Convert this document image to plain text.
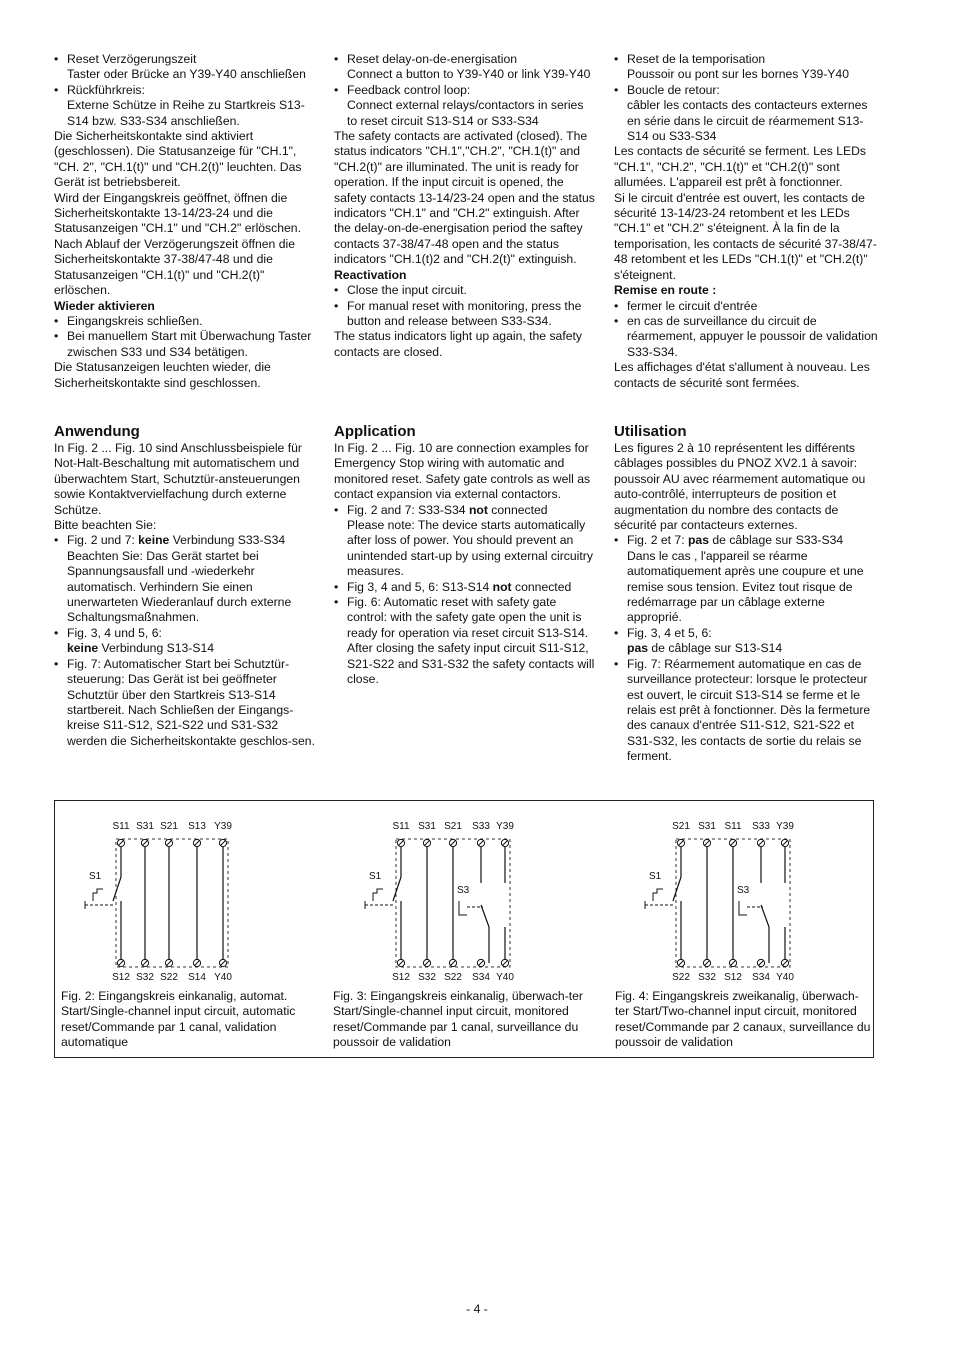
• Reset Verzögerungszeit
Taster oder Brücke an Y39-Y40 anschließen

• Rückführkreis:
Externe Schütze in Reihe zu Startkreis S13-S14 bzw. S33-S34 anschließen.

Die Sicherheitskontakte sind aktiviert (geschlossen). Die Statusanzeige für "CH.1", "CH. 2", "CH.1(t)" und "CH.2(t)" leuchten. Das Gerät ist betriebsbereit.

Wird der Eingangskreis geöffnet, öffnen die Sicherheitskontakte 13-14/23-24 und die Statusanzeigen "CH.1" und "CH.2" erlöschen. Nach Ablauf der Verzögerungszeit öffnen die Sicherheitskontakte 37-38/47-48 und die Statusanzeigen "CH.1(t)" und "CH.2(t)" erlöschen.

Wieder aktivieren

• Eingangskreis schließen.

• Bei manuellem Start mit Überwachung Taster zwischen S33 und S34 betätigen.

Die Statusanzeigen leuchten wieder, die Sicherheitskontakte sind geschlossen.

• Reset delay-on-de-energisation
Connect a button to Y39-Y40 or link Y39-Y40

• Feedback control loop:
Connect external relays/contactors in series to reset circuit S13-S14 or S33-S34

The safety contacts are activated (closed). The status indicators "CH.1","CH.2", "CH.1(t)" and "CH.2(t)" are illuminated. The unit is ready for operation. If the input circuit is opened, the safety contacts 13-14/23-24 open and the status indicators "CH.1" and "CH.2" extinguish. After the delay-on-de-energisation period the saftey contacts 37-38/47-48 open and the status indicators "CH.1(t)2 and "CH.2(t)" extinguish.

Reactivation

• Close the input circuit.

• For manual reset with monitoring, press the button and release between S33-S34.

The status indicators light up again, the safety contacts are closed.

• Reset de la temporisation
Poussoir ou pont sur les bornes Y39-Y40

• Boucle de retour:
câbler les contacts des contacteurs externes en série dans le circuit de réarmement S13-S14 ou S33-S34

Les contacts de sécurité se ferment. Les LEDs "CH.1", "CH.2", "CH.1(t)" et "CH.2(t)" sont allumées. L'appareil est prêt à fonctionner.

Si le circuit d'entrée est ouvert, les contacts de sécurité 13-14/23-24 retombent et les LEDs "CH.1" et "CH.2" s'éteignent. À la fin de la temporisation, les contacts de sécurité 37-38/47-48 retombent et les LEDs "CH.1(t)" et "CH.2(t)" s'éteignent.

Remise en route :

• fermer le circuit d'entrée

• en cas de surveillance du circuit de réarmement, appuyer le poussoir de validation S33-S34.

Les affichages d'état s'allument à nouveau. Les contacts de sécurité sont fermées.

Anwendung

In Fig. 2 ... Fig. 10 sind Anschlussbeispiele für Not-Halt-Beschaltung mit automatischem und überwachtem Start, Schutztür-ansteuerungen sowie Kontaktvervielfachung durch externe Schütze.

Bitte beachten Sie:

• Fig. 2 und 7: keine Verbindung S33-S34
Beachten Sie: Das Gerät startet bei Spannungsausfall und -wiederkehr automatisch. Verhindern Sie einen unerwarteten Wiederanlauf durch externe Schaltungsmaßnahmen.

• Fig. 3, 4 und 5, 6:
keine Verbindung S13-S14

• Fig. 7: Automatischer Start bei Schutztür-steuerung: Das Gerät ist bei geöffneter Schutztür über den Startkreis S13-S14 startbereit. Nach Schließen der Eingangs-kreise S11-S12, S21-S22 und S31-S32 werden die Sicherheitskontakte geschlos-sen.

Application

In Fig. 2 ... Fig. 10 are connection examples for Emergency Stop wiring with automatic and monitored reset. Safety gate controls as well as contact expansion via external contactors.

• Fig. 2 and 7: S33-S34 not connected
Please note: The device starts automatically after loss of power. You should prevent an unintended start-up by using external circuitry measures.

• Fig 3, 4 and 5, 6: S13-S14 not connected

• Fig. 6: Automatic reset with safety gate control: with the safety gate open the unit is ready for operation via reset circuit S13-S14. After closing the safety input circuit S11-S12, S21-S22 and S31-S32 the safety contacts will close.

Utilisation

Les figures 2 à 10 représentent les différents câblages possibles du PNOZ XV2.1 à savoir: poussoir AU avec réarmement automatique ou auto-contrôlé, interrupteurs de position et augmentation du nombre des contacts de sécurité par contacteurs externes.

• Fig. 2 et 7: pas de câblage sur S33-S34
Dans le cas , l'appareil se réarme automatiquement après une coupure et une remise sous tension. Evitez tout risque de redémarrage par un câblage externe approprié.

• Fig. 3, 4 et 5, 6:
pas de câblage sur S13-S14

• Fig. 7: Réarmement automatique en cas de surveillance protecteur: lorsque le protecteur est ouvert, le circuit S13-S14 se ferme et le relais est prêt à fonctionner. Dès la fermeture des canaux d'entrée S11-S12, S21-S22 et S31-S32, les contacts de sortie du relais se ferment.

S1
S11
S12
S31
S32
S21
S22
S13
S14
Y39
Y40

Fig. 2: Eingangskreis einkanalig, automat. Start/Single-channel input circuit, automatic reset/Commande par 1 canal, validation automatique

S1
S3
S11
S12
S31
S32
S21
S22
S33
S34
Y39
Y40

Fig. 3: Eingangskreis einkanalig, überwach-ter Start/Single-channel input circuit, monitored reset/Commande par 1 canal, surveillance du poussoir de validation

S1
S3
S21
S22
S31
S32
S11
S12
S33
S34
Y39
Y40

Fig. 4: Eingangskreis zweikanalig, überwach-ter Start/Two-channel input circuit, monitored reset/Commande par 2 canaux, surveillance du poussoir de validation

- 4 -
